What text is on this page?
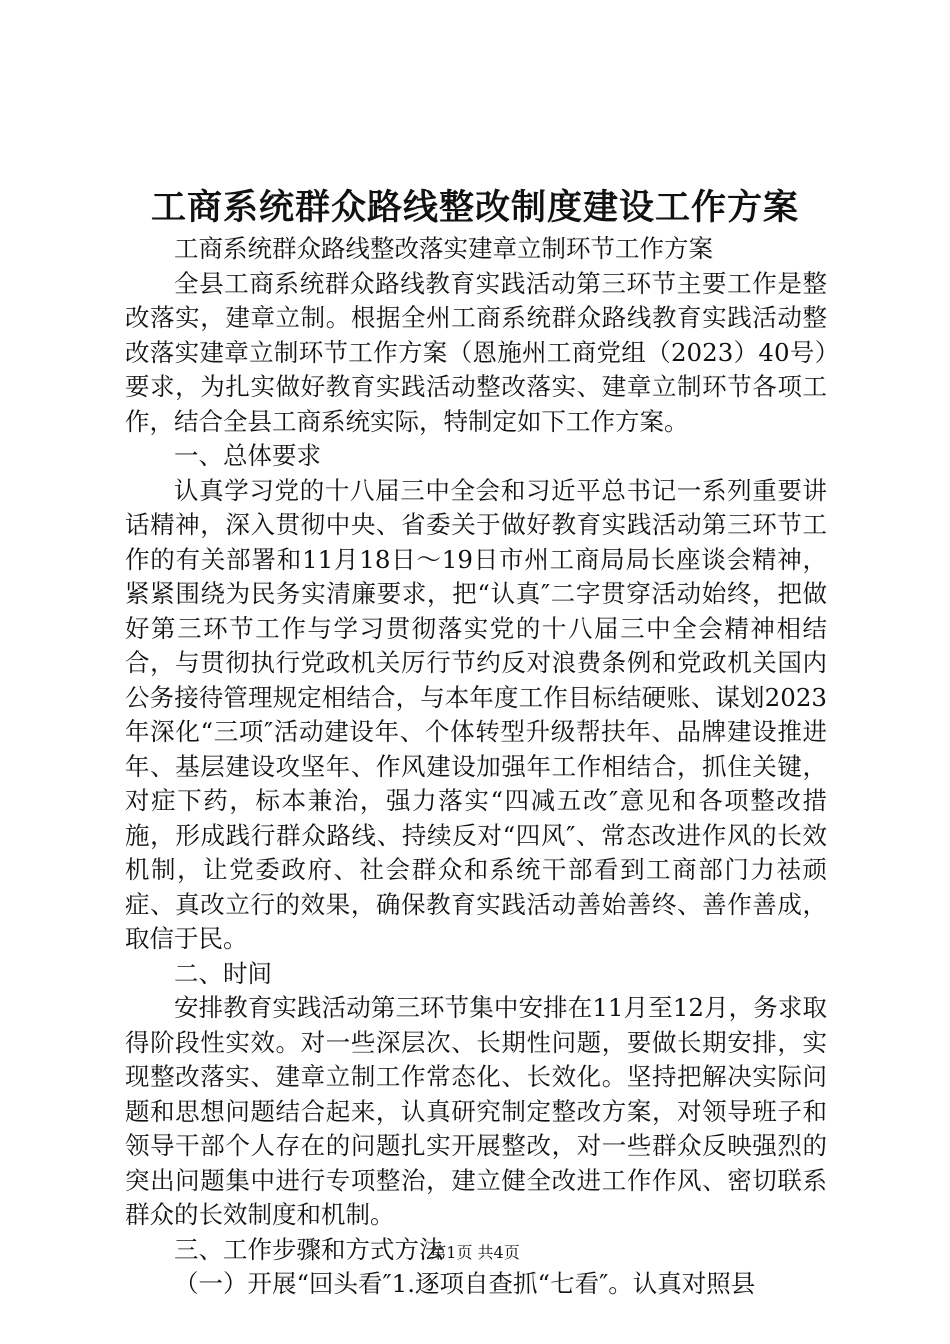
工商系统群众路线整改制度建设工作方案

工商系统群众路线整改落实建章立制环节工作方案

全县工商系统群众路线教育实践活动第三环节主要工作是整改落实，建章立制。根据全州工商系统群众路线教育实践活动整改落实建章立制环节工作方案（恩施州工商党组（2023）40号）要求，为扎实做好教育实践活动整改落实、建章立制环节各项工作，结合全县工商系统实际，特制定如下工作方案。

一、总体要求

认真学习党的十八届三中全会和习近平总书记一系列重要讲话精神，深入贯彻中央、省委关于做好教育实践活动第三环节工作的有关部署和11月18日～19日市州工商局局长座谈会精神，紧紧围绕为民务实清廉要求，把“认真″二字贯穿活动始终，把做好第三环节工作与学习贯彻落实党的十八届三中全会精神相结合，与贯彻执行党政机关厉行节约反对浪费条例和党政机关国内公务接待管理规定相结合，与本年度工作目标结硬账、谋划2023年深化“三项″活动建设年、个体转型升级帮扶年、品牌建设推进年、基层建设攻坚年、作风建设加强年工作相结合，抓住关键，对症下药，标本兼治，强力落实“四减五改″意见和各项整改措施，形成践行群众路线、持续反对“四风″、常态改进作风的长效机制，让党委政府、社会群众和系统干部看到工商部门力祛顽症、真改立行的效果，确保教育实践活动善始善终、善作善成，取信于民。

二、时间

安排教育实践活动第三环节集中安排在11月至12月，务求取得阶段性实效。对一些深层次、长期性问题，要做长期安排，实现整改落实、建章立制工作常态化、长效化。坚持把解决实际问题和思想问题结合起来，认真研究制定整改方案，对领导班子和领导干部个人存在的问题扎实开展整改，对一些群众反映强烈的突出问题集中进行专项整治，建立健全改进工作作风、密切联系群众的长效制度和机制。

三、工作步骤和方式方法

（一）开展“回头看″1.逐项自查抓“七看″。认真对照县

第1页 共4页
